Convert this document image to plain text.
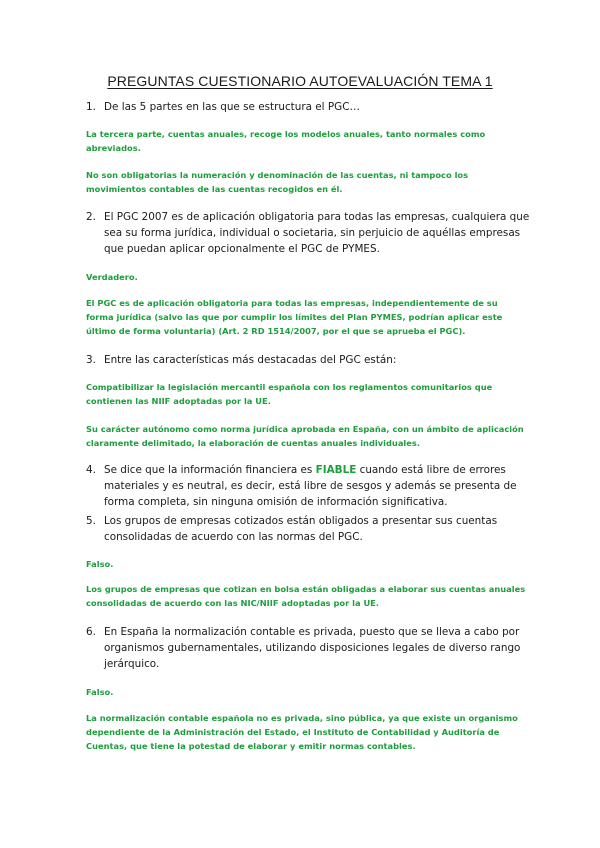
PREGUNTAS CUESTIONARIO AUTOEVALUACIÓN TEMA 1
1. De las 5 partes en las que se estructura el PGC…
La tercera parte, cuentas anuales, recoge los modelos anuales, tanto normales como abreviados.
No son obligatorias la numeración y denominación de las cuentas, ni tampoco los movimientos contables de las cuentas recogidos en él.
2. El PGC 2007 es de aplicación obligatoria para todas las empresas, cualquiera que sea su forma jurídica, individual o societaria, sin perjuicio de aquéllas empresas que puedan aplicar opcionalmente el PGC de PYMES.
Verdadero.
El PGC es de aplicación obligatoria para todas las empresas, independientemente de su forma jurídica (salvo las que por cumplir los límites del Plan PYMES, podrían aplicar este último de forma voluntaria) (Art. 2 RD 1514/2007, por el que se aprueba el PGC).
3. Entre las características más destacadas del PGC están:
Compatibilizar la legislación mercantil española con los reglamentos comunitarios que contienen las NIIF adoptadas por la UE.
Su carácter autónomo como norma jurídica aprobada en España, con un ámbito de aplicación claramente delimitado, la elaboración de cuentas anuales individuales.
4. Se dice que la información financiera es FIABLE cuando está libre de errores materiales y es neutral, es decir, está libre de sesgos y además se presenta de forma completa, sin ninguna omisión de información significativa.
5. Los grupos de empresas cotizados están obligados a presentar sus cuentas consolidadas de acuerdo con las normas del PGC.
Falso.
Los grupos de empresas que cotizan en bolsa están obligadas a elaborar sus cuentas anuales consolidadas de acuerdo con las NIC/NIIF adoptadas por la UE.
6. En España la normalización contable es privada, puesto que se lleva a cabo por organismos gubernamentales, utilizando disposiciones legales de diverso rango jerárquico.
Falso.
La normalización contable española no es privada, sino pública, ya que existe un organismo dependiente de la Administración del Estado, el Instituto de Contabilidad y Auditoría de Cuentas, que tiene la potestad de elaborar y emitir normas contables.
